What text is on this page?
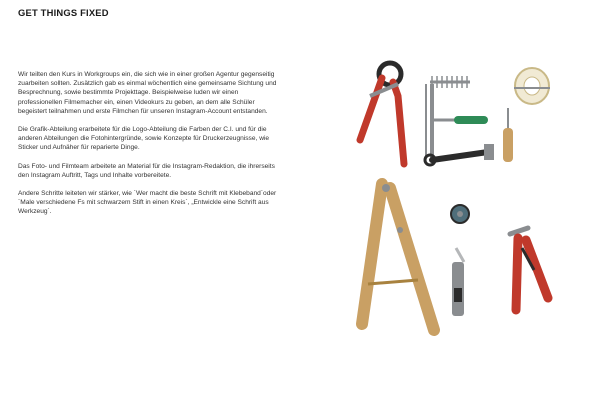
GET THINGS FIXED

Wir teilten den Kurs in Workgroups ein, die sich wie in einer großen Agentur gegenseitig zuarbeiten sollten. Zusätzlich gab es einmal wöchentlich eine gemeinsame Sichtung und Besprechnung, sowie bestimmte Projekttage. Beispielweise luden wir einen professionellen Filmemacher ein, einen Videokurs zu geben, an dem alle Schüler begeistert teilnahmen und erste Filmchen für unseren Instagram-Account entstanden.

Die Grafik-Abteilung erarbeitete für die Logo-Abteilung die Farben der C.I. und für die anderen Abteilungen die Fotohintergründe, sowie Konzepte für Druckerzeugnisse, wie Sticker und Aufnäher für reparierte Dinge.

Das Foto- und Filmteam arbeitete an Material für die Instagram-Redaktion, die ihrerseits den Instagram Auftritt, Tags und Inhalte vorbereitete.

Andere Schritte leiteten wir stärker, wie `Wer macht die beste Schrift mit Klebeband`oder `Male verschiedene Fs mit schwarzem Stift in einen Kreis`, „Entwickle eine Schrift aus Werkzeug`.
